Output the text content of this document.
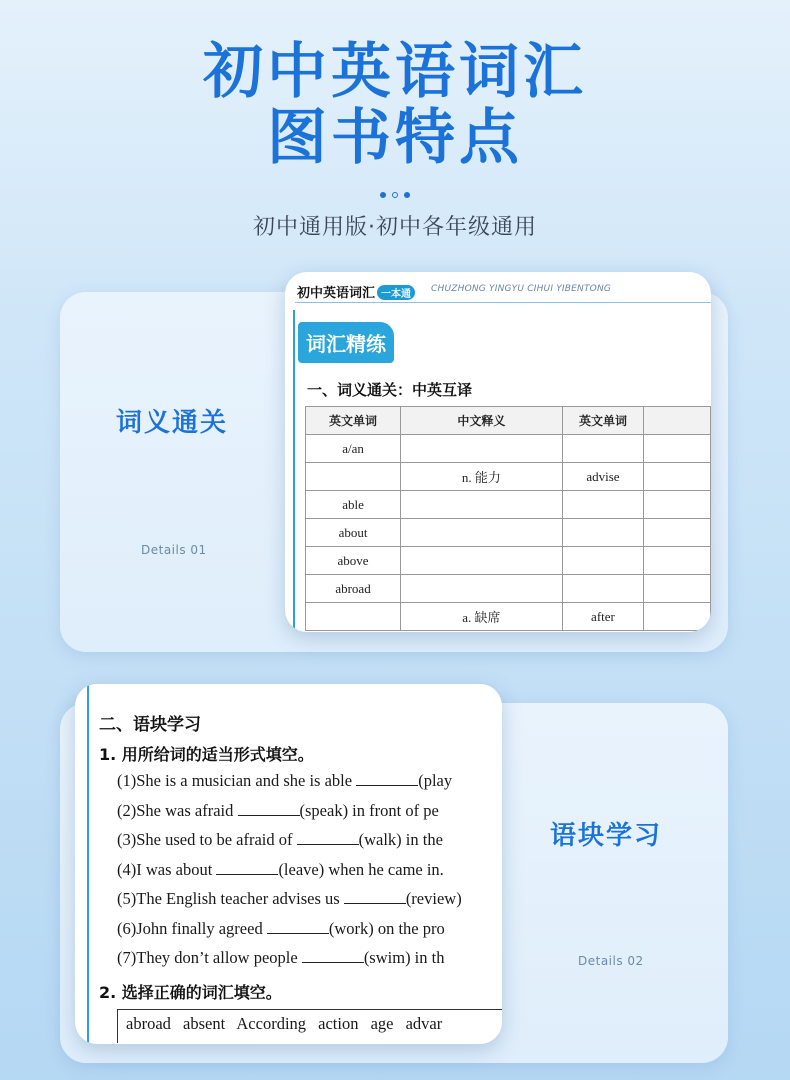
初中英语词汇
图书特点
初中通用版·初中各年级通用
词义通关
Details 01
初中英语词汇 一本通	CHUZHONG YINGYU CIHUI YIBENTONG
词汇精练
一、词义通关：中英互译
英文单词	中文释义	英文单词	
a/an			
	n. 能力	advise	
able			
about			
above			
abroad			
	a. 缺席	after	
语块学习
Details 02
二、语块学习
1. 用所给词的适当形式填空。
(1)She is a musician and she is able	(play
(2)She was afraid	(speak) in front of pe
(3)She used to be afraid of	(walk) in the
(4)I was about	(leave) when he came in.
(5)The English teacher advises us	(review)
(6)John finally agreed	(work) on the pro
(7)They don’t allow people	(swim) in th
2. 选择正确的词汇填空。
abroad absent According action age advar
